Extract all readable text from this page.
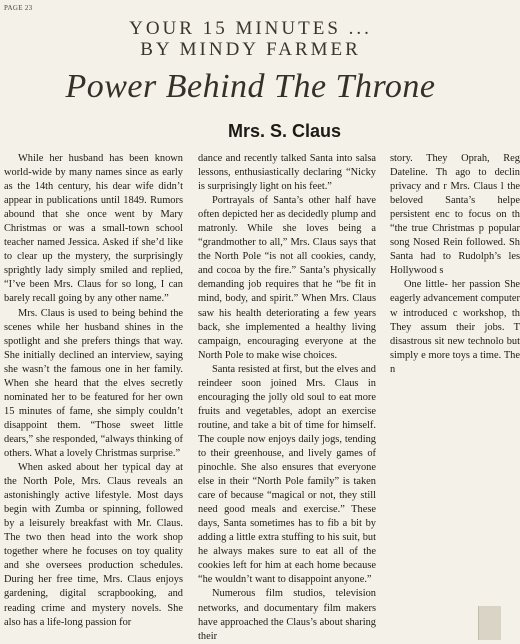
PAGE 23
YOUR 15 MINUTES ...
BY MINDY FARMER
Power Behind The Throne
Mrs. S. Claus

While her husband has been known world-wide by many names since as early as the 14th century, his dear wife didn’t appear in publications until 1849. Rumors abound that she once went by Mary Christmas or was a small-town school teacher named Jessica. Asked if she’d like to clear up the mystery, the surprisingly sprightly lady simply smiled and replied, “I’ve been Mrs. Claus for so long, I can barely recall going by any other name.”

Mrs. Claus is used to being behind the scenes while her husband shines in the spotlight and she prefers things that way. She initially declined an interview, saying she wasn’t the famous one in her family. When she heard that the elves secretly nominated her to be featured for her own 15 minutes of fame, she simply couldn’t disappoint them. “Those sweet little dears,” she responded, “always thinking of others. What a lovely Christmas surprise.”

When asked about her typical day at the North Pole, Mrs. Claus reveals an astonishingly active lifestyle. Most days begin with Zumba or spinning, followed by a leisurely breakfast with Mr. Claus. The two then head into the work shop together where he focuses on toy quality and she oversees production schedules. During her free time, Mrs. Claus enjoys gardening, digital scrapbooking, and reading crime and mystery novels. She also has a life-long passion for

dance and recently talked Santa into salsa lessons, enthusiastically declaring “Nicky is surprisingly light on his feet.”

Portrayals of Santa’s other half have often depicted her as decidedly plump and matronly. While she loves being a “grandmother to all,” Mrs. Claus says that the North Pole “is not all cookies, candy, and cocoa by the fire.” Santa’s physically demanding job requires that he “be fit in mind, body, and spirit.” When Mrs. Claus saw his health deteriorating a few years back, she implemented a healthy living campaign, encouraging everyone at the North Pole to make wise choices.

Santa resisted at first, but the elves and reindeer soon joined Mrs. Claus in encouraging the jolly old soul to eat more fruits and vegetables, adopt an exercise routine, and take a bit of time for himself. The couple now enjoys daily jogs, tending to their greenhouse, and lively games of pinochle. She also ensures that everyone else in their “North Pole family” is taken care of because “magical or not, they still need good meals and exercise.” These days, Santa sometimes has to fib a bit by adding a little extra stuffing to his suit, but he always makes sure to eat all of the cookies left for him at each home because “he wouldn’t want to disappoint anyone.”

Numerous film studios, television networks, and documentary film makers have approached the Claus’s about sharing their

story. They Oprah, Reg Dateline. Th ago to declin privacy and r Mrs. Claus l the beloved Santa’s helpe persistent enc to focus on th “the true Christmas p popular song Nosed Rein followed. Sh Santa had to Rudolph’s les Hollywood s

One little- her passion She eagerly advancement computer w introduced c workshop, th They assum their jobs. T disastrous sit new technolo but simply e more toys a time. The n
